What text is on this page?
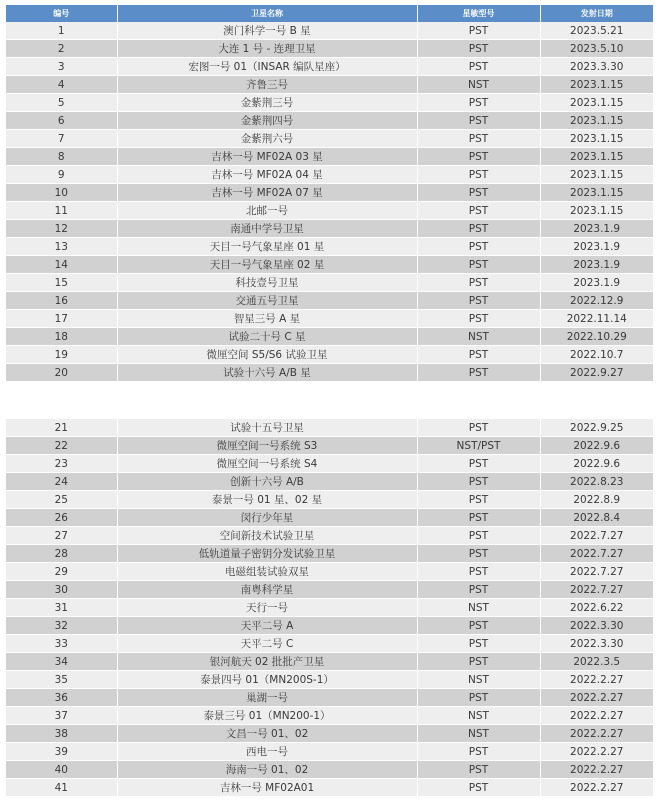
编号	卫星名称	星敏型号	发射日期
1	澳门科学一号 B 星	PST	2023.5.21
2	大连 1 号 - 连理卫星	PST	2023.5.10
3	宏图一号 01（INSAR 编队星座）	PST	2023.3.30
4	齐鲁三号	NST	2023.1.15
5	金紫荆三号	PST	2023.1.15
6	金紫荆四号	PST	2023.1.15
7	金紫荆六号	PST	2023.1.15
8	吉林一号 MF02A 03 星	PST	2023.1.15
9	吉林一号 MF02A 04 星	PST	2023.1.15
10	吉林一号 MF02A 07 星	PST	2023.1.15
11	北邮一号	PST	2023.1.15
12	南通中学号卫星	PST	2023.1.9
13	天目一号气象星座 01 星	PST	2023.1.9
14	天目一号气象星座 02 星	PST	2023.1.9
15	科技壹号卫星	PST	2023.1.9
16	交通五号卫星	PST	2022.12.9
17	智星三号 A 星	PST	2022.11.14
18	试验二十号 C 星	NST	2022.10.29
19	微厘空间 S5/S6 试验卫星	PST	2022.10.7
20	试验十六号 A/B 星	PST	2022.9.27
21	试验十五号卫星	PST	2022.9.25
22	微厘空间一号系统 S3	NST/PST	2022.9.6
23	微厘空间一号系统 S4	PST	2022.9.6
24	创新十六号 A/B	PST	2022.8.23
25	泰景一号 01 星、02 星	PST	2022.8.9
26	闵行少年星	PST	2022.8.4
27	空间新技术试验卫星	PST	2022.7.27
28	低轨道量子密钥分发试验卫星	PST	2022.7.27
29	电磁组装试验双星	PST	2022.7.27
30	南粤科学星	PST	2022.7.27
31	天行一号	NST	2022.6.22
32	天平二号 A	PST	2022.3.30
33	天平二号 C	PST	2022.3.30
34	银河航天 02 批批产卫星	PST	2022.3.5
35	泰景四号 01（MN200S-1）	NST	2022.2.27
36	巢湖一号	PST	2022.2.27
37	泰景三号 01（MN200-1）	NST	2022.2.27
38	文昌一号 01、02	NST	2022.2.27
39	西电一号	PST	2022.2.27
40	海南一号 01、02	PST	2022.2.27
41	吉林一号 MF02A01	PST	2022.2.27
